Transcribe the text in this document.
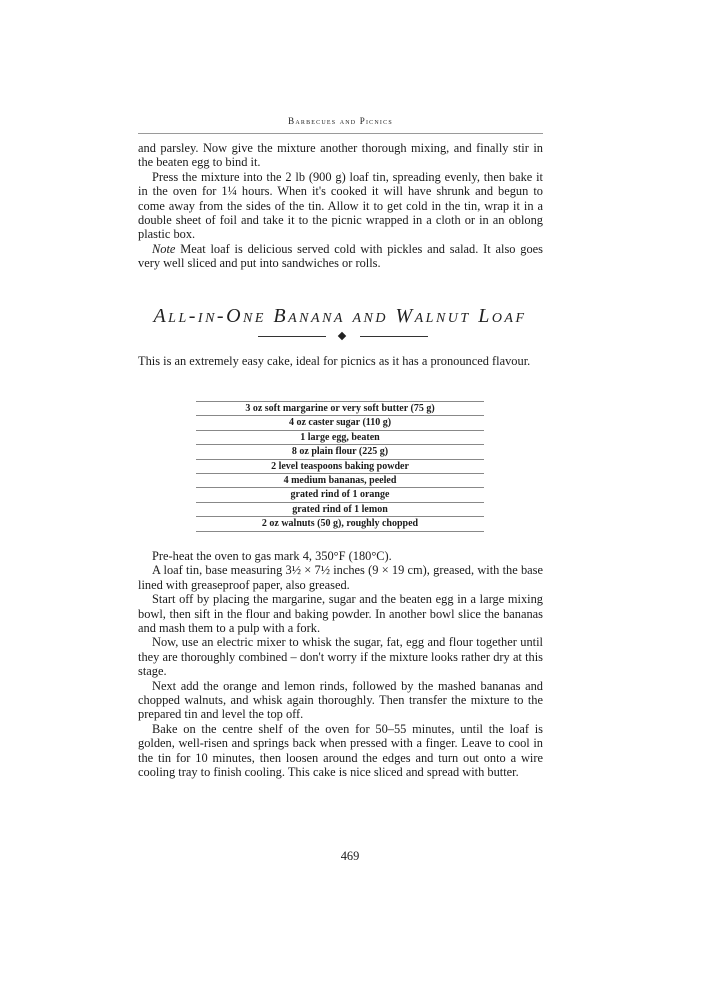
Barbecues and Picnics

and parsley. Now give the mixture another thorough mixing, and finally stir in the beaten egg to bind it.

Press the mixture into the 2 lb (900 g) loaf tin, spreading evenly, then bake it in the oven for 1¼ hours. When it's cooked it will have shrunk and begun to come away from the sides of the tin. Allow it to get cold in the tin, wrap it in a double sheet of foil and take it to the picnic wrapped in a cloth or in an oblong plastic box.

Note Meat loaf is delicious served cold with pickles and salad. It also goes very well sliced and put into sandwiches or rolls.

All-in-One Banana and Walnut Loaf

This is an extremely easy cake, ideal for picnics as it has a pronounced flavour.

3 oz soft margarine or very soft butter (75 g)
4 oz caster sugar (110 g)
1 large egg, beaten
8 oz plain flour (225 g)
2 level teaspoons baking powder
4 medium bananas, peeled
grated rind of 1 orange
grated rind of 1 lemon
2 oz walnuts (50 g), roughly chopped

Pre-heat the oven to gas mark 4, 350°F (180°C).

A loaf tin, base measuring 3½ × 7½ inches (9 × 19 cm), greased, with the base lined with greaseproof paper, also greased.

Start off by placing the margarine, sugar and the beaten egg in a large mixing bowl, then sift in the flour and baking powder. In another bowl slice the bananas and mash them to a pulp with a fork.

Now, use an electric mixer to whisk the sugar, fat, egg and flour together until they are thoroughly combined – don't worry if the mixture looks rather dry at this stage.

Next add the orange and lemon rinds, followed by the mashed bananas and chopped walnuts, and whisk again thoroughly. Then transfer the mixture to the prepared tin and level the top off.

Bake on the centre shelf of the oven for 50–55 minutes, until the loaf is golden, well-risen and springs back when pressed with a finger. Leave to cool in the tin for 10 minutes, then loosen around the edges and turn out onto a wire cooling tray to finish cooling. This cake is nice sliced and spread with butter.

469
